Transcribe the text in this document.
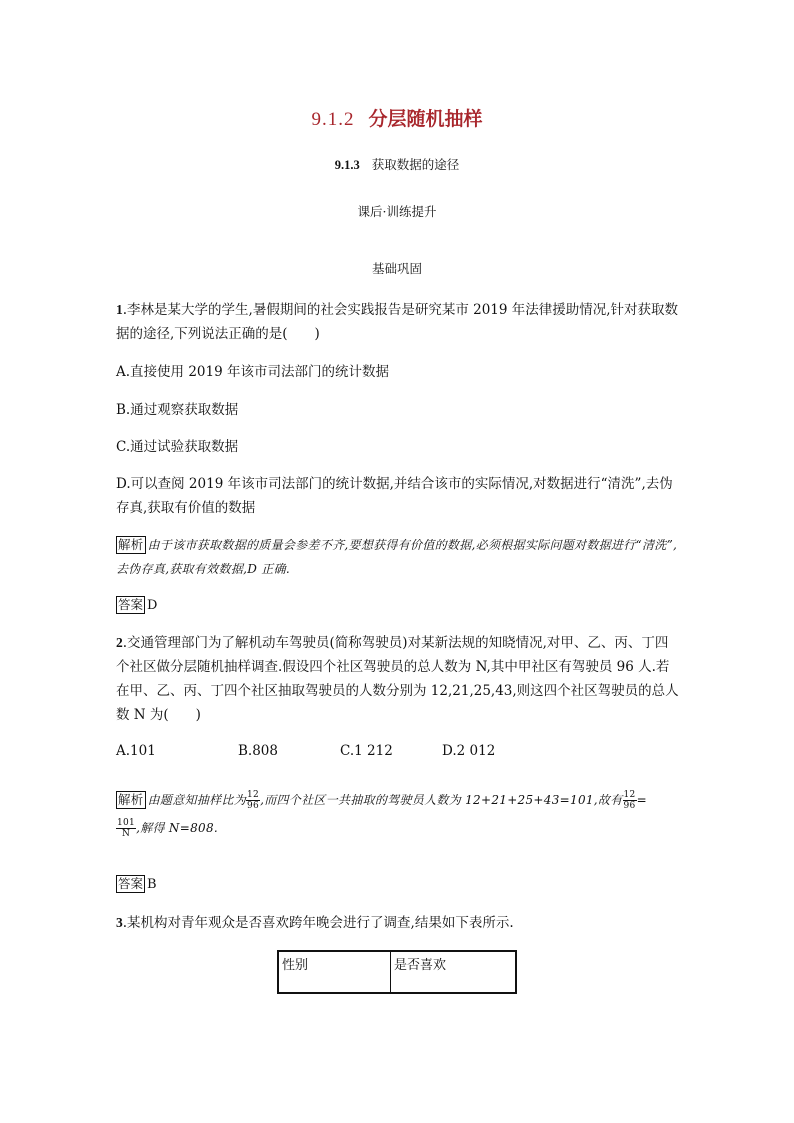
9.1.2 分层随机抽样
9.1.3 获取数据的途径
课后·训练提升
基础巩固
1.李林是某大学的学生,暑假期间的社会实践报告是研究某市 2019 年法律援助情况,针对获取数据的途径,下列说法正确的是(　　)
A.直接使用 2019 年该市司法部门的统计数据
B.通过观察获取数据
C.通过试验获取数据
D.可以查阅 2019 年该市司法部门的统计数据,并结合该市的实际情况,对数据进行“清洗”,去伪存真,获取有价值的数据
解析 由于该市获取数据的质量会参差不齐,要想获得有价值的数据,必须根据实际问题对数据进行“清洗”,去伪存真,获取有效数据,D 正确.
答案 D
2.交通管理部门为了解机动车驾驶员(简称驾驶员)对某新法规的知晓情况,对甲、乙、丙、丁四个社区做分层随机抽样调查.假设四个社区驾驶员的总人数为 N,其中甲社区有驾驶员 96 人.若在甲、乙、丙、丁四个社区抽取驾驶员的人数分别为 12,21,25,43,则这四个社区驾驶员的总人数 N 为(　　)
A.101	B.808	C.1 212	D.2 012
解析 由题意知抽样比为 $\frac{12}{96}$ ,而四个社区一共抽取的驾驶员人数为 12+21+25+43=101,故有 $\frac{12}{96}$ =

$\frac{101}{N}$ ,解得 N=808.
答案 B
3.某机构对青年观众是否喜欢跨年晚会进行了调查,结果如下表所示.
性别	是否喜欢
